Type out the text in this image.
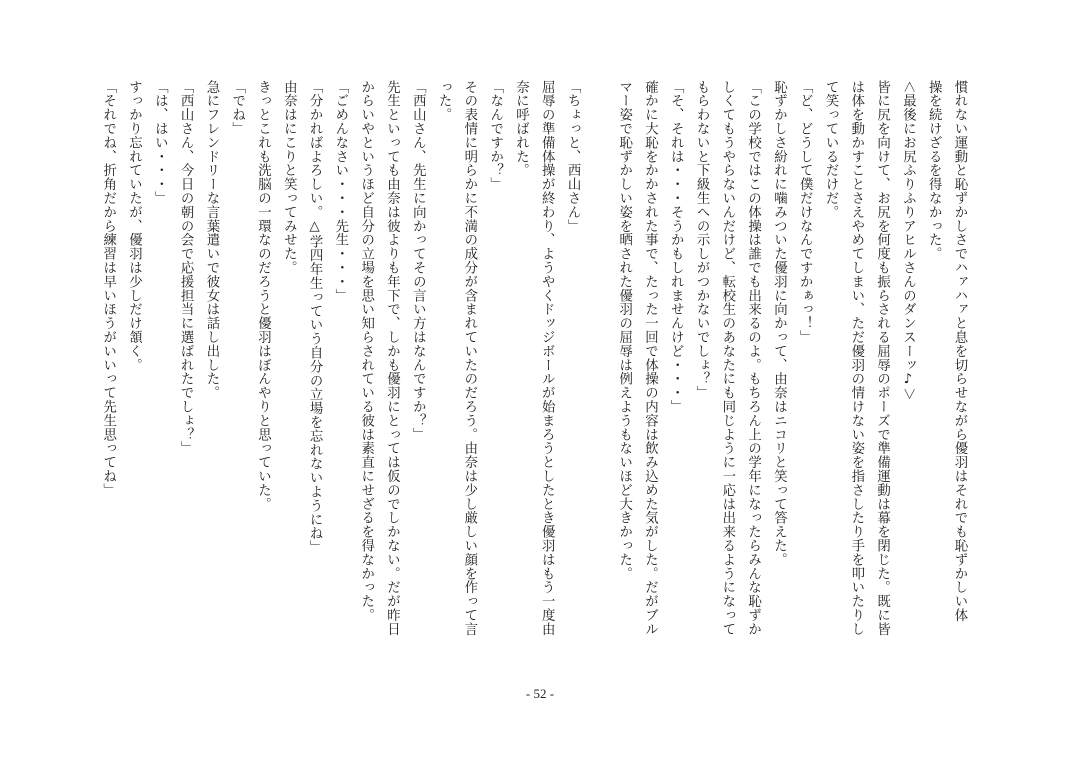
慣れない運動と恥ずかしさでハァハァと息を切らせながら優羽はそれでも恥ずかしい体
操を続けざるを得なかった。
＜最後にお尻ふりふりアヒルさんのダンスーッ♪＞
皆に尻を向けて、お尻を何度も振らされる屈辱のポーズで準備運動は幕を閉じた。既に皆
は体を動かすことさえやめてしまい、ただ優羽の情けない姿を指さしたり手を叩いたりし
て笑っているだけだ。
「ど、どうして僕だけなんですかぁっ！」
恥ずかしさ紛れに噛みついた優羽に向かって、由奈はニコリと笑って答えた。
「この学校ではこの体操は誰でも出来るのよ。もちろん上の学年になったらみんな恥ずか
しくてもうやらないんだけど、転校生のあなたにも同じように一応は出来るようになって
もらわないと下級生への示しがつかないでしょ？」
「そ、それは・・・そうかもしれませんけど・・・」
確かに大恥をかかされた事で、たった一回で体操の内容は飲み込めた気がした。だがブル
マー姿で恥ずかしい姿を晒された優羽の屈辱は例えようもないほど大きかった。
「ちょっと、西山さん」
屈辱の準備体操が終わり、ようやくドッジボールが始まろうとしたとき優羽はもう一度由
奈に呼ばれた。
「なんですか？」
その表情に明らかに不満の成分が含まれていたのだろう。由奈は少し厳しい顔を作って言
った。
「西山さん、先生に向かってその言い方はなんですか？」
先生といっても由奈は彼よりも年下で、しかも優羽にとっては仮のでしかない。だが昨日
からいやというほど自分の立場を思い知らされている彼は素直にせざるを得なかった。
「ごめんなさい・・・先生・・・」
「分かればよろしい。△学四年生っていう自分の立場を忘れないようにね」
由奈はにこりと笑ってみせた。
きっとこれも洗脳の一環なのだろうと優羽はぼんやりと思っていた。
「でね」
急にフレンドリーな言葉遣いで彼女は話し出した。
「西山さん、今日の朝の会で応援担当に選ばれたでしょ？」
「は、はい・・・」
すっかり忘れていたが、優羽は少しだけ頷く。
「それでね、折角だから練習は早いほうがいいって先生思ってね」
- 52 -
